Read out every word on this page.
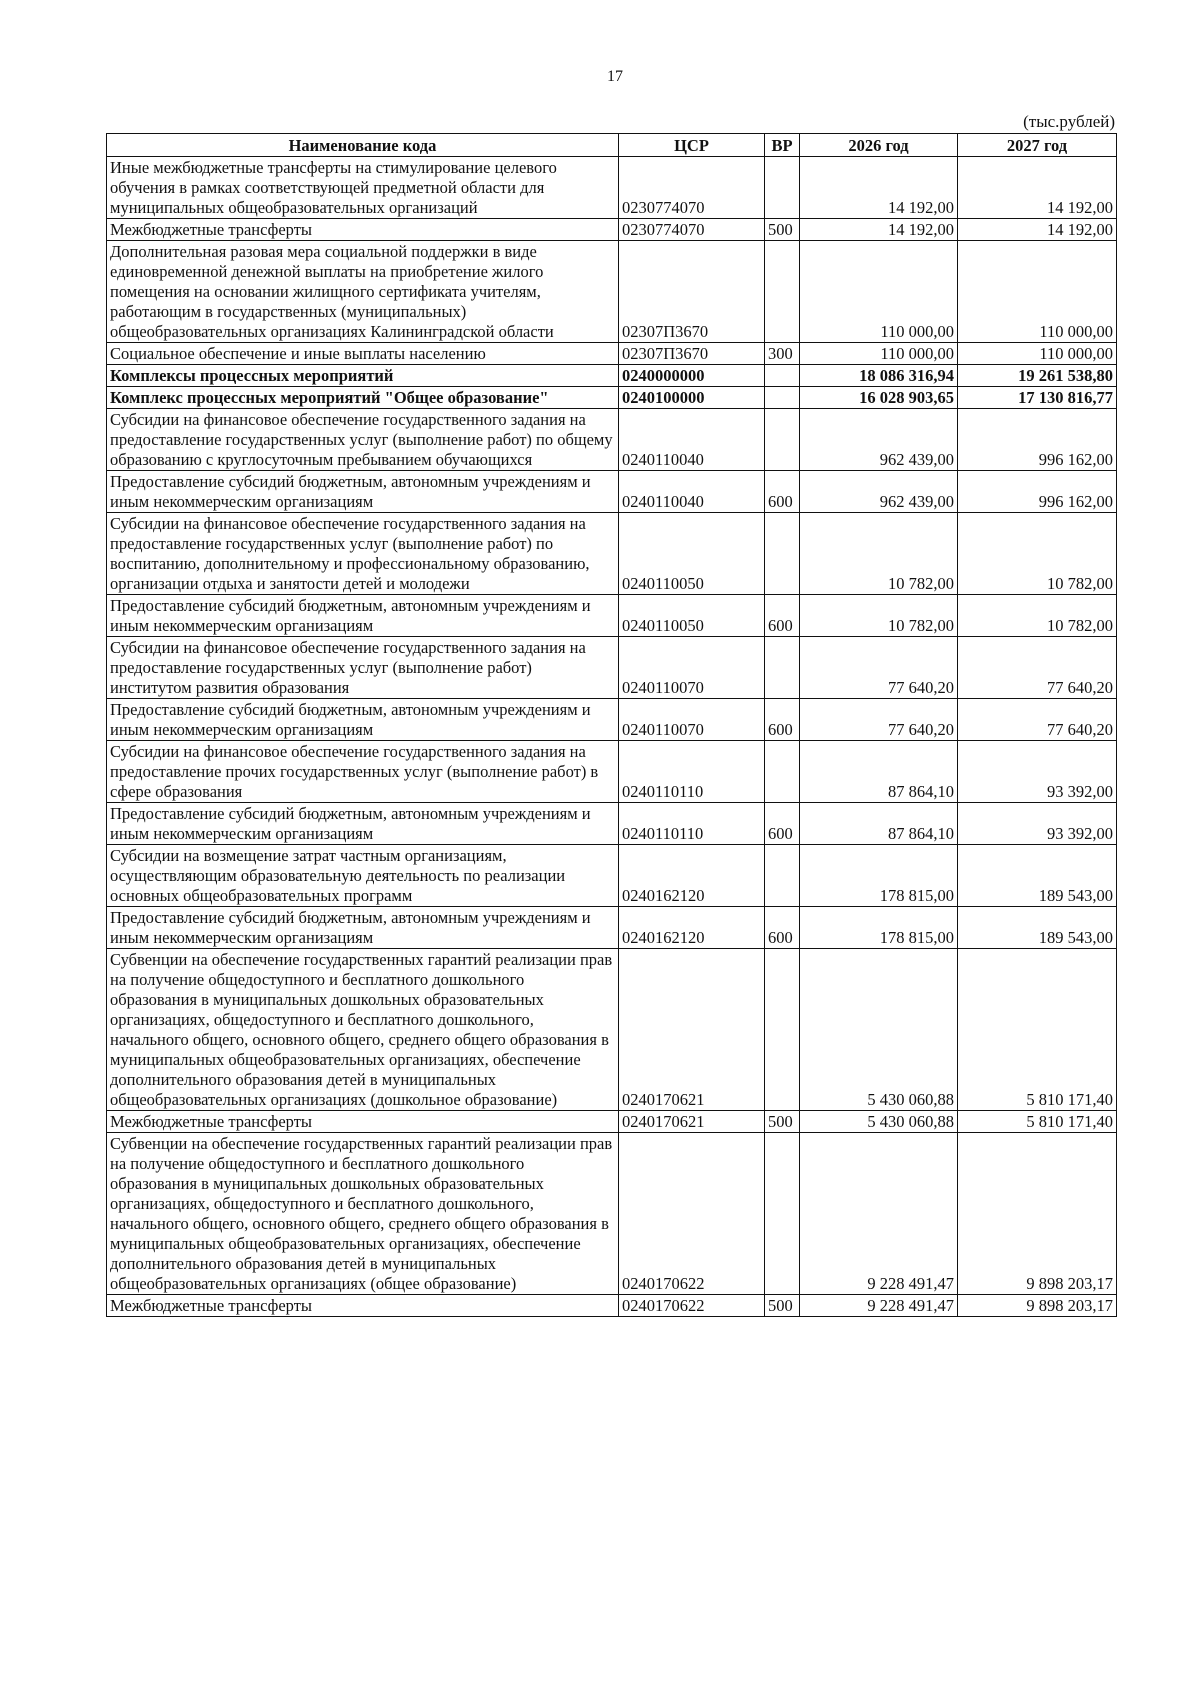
17
(тыс.рублей)
Наименование кода	ЦСР	ВР	2026 год	2027 год
Иные межбюджетные трансферты на стимулирование целевого обучения в рамках соответствующей предметной области для муниципальных общеобразовательных организаций	0230774070		14 192,00	14 192,00
Межбюджетные трансферты	0230774070	500	14 192,00	14 192,00
Дополнительная разовая мера социальной поддержки в виде единовременной денежной выплаты на приобретение жилого помещения на основании жилищного сертификата учителям, работающим в государственных (муниципальных) общеобразовательных организациях Калининградской области	02307П3670		110 000,00	110 000,00
Социальное обеспечение и иные выплаты населению	02307П3670	300	110 000,00	110 000,00
Комплексы процессных мероприятий	0240000000		18 086 316,94	19 261 538,80
Комплекс процессных мероприятий "Общее образование"	0240100000		16 028 903,65	17 130 816,77
Субсидии на финансовое обеспечение государственного задания на предоставление государственных услуг (выполнение работ) по общему образованию с круглосуточным пребыванием обучающихся	0240110040		962 439,00	996 162,00
Предоставление субсидий бюджетным, автономным учреждениям и иным некоммерческим организациям	0240110040	600	962 439,00	996 162,00
Субсидии на финансовое обеспечение государственного задания на предоставление государственных услуг (выполнение работ) по воспитанию, дополнительному и профессиональному образованию, организации отдыха и занятости детей и молодежи	0240110050		10 782,00	10 782,00
Предоставление субсидий бюджетным, автономным учреждениям и иным некоммерческим организациям	0240110050	600	10 782,00	10 782,00
Субсидии на финансовое обеспечение государственного задания на предоставление государственных услуг (выполнение работ) институтом развития образования	0240110070		77 640,20	77 640,20
Предоставление субсидий бюджетным, автономным учреждениям и иным некоммерческим организациям	0240110070	600	77 640,20	77 640,20
Субсидии на финансовое обеспечение государственного задания на предоставление прочих государственных услуг (выполнение работ) в сфере образования	0240110110		87 864,10	93 392,00
Предоставление субсидий бюджетным, автономным учреждениям и иным некоммерческим организациям	0240110110	600	87 864,10	93 392,00
Субсидии на возмещение затрат частным организациям, осуществляющим образовательную деятельность по реализации основных общеобразовательных программ	0240162120		178 815,00	189 543,00
Предоставление субсидий бюджетным, автономным учреждениям и иным некоммерческим организациям	0240162120	600	178 815,00	189 543,00
Субвенции на обеспечение государственных гарантий реализации прав на получение общедоступного и бесплатного дошкольного образования в муниципальных дошкольных образовательных организациях, общедоступного и бесплатного дошкольного, начального общего, основного общего, среднего общего образования в муниципальных общеобразовательных организациях, обеспечение дополнительного образования детей в муниципальных общеобразовательных организациях (дошкольное образование)	0240170621		5 430 060,88	5 810 171,40
Межбюджетные трансферты	0240170621	500	5 430 060,88	5 810 171,40
Субвенции на обеспечение государственных гарантий реализации прав на получение общедоступного и бесплатного дошкольного образования в муниципальных дошкольных образовательных организациях, общедоступного и бесплатного дошкольного, начального общего, основного общего, среднего общего образования в муниципальных общеобразовательных организациях, обеспечение дополнительного образования детей в муниципальных общеобразовательных организациях (общее образование)	0240170622		9 228 491,47	9 898 203,17
Межбюджетные трансферты	0240170622	500	9 228 491,47	9 898 203,17
